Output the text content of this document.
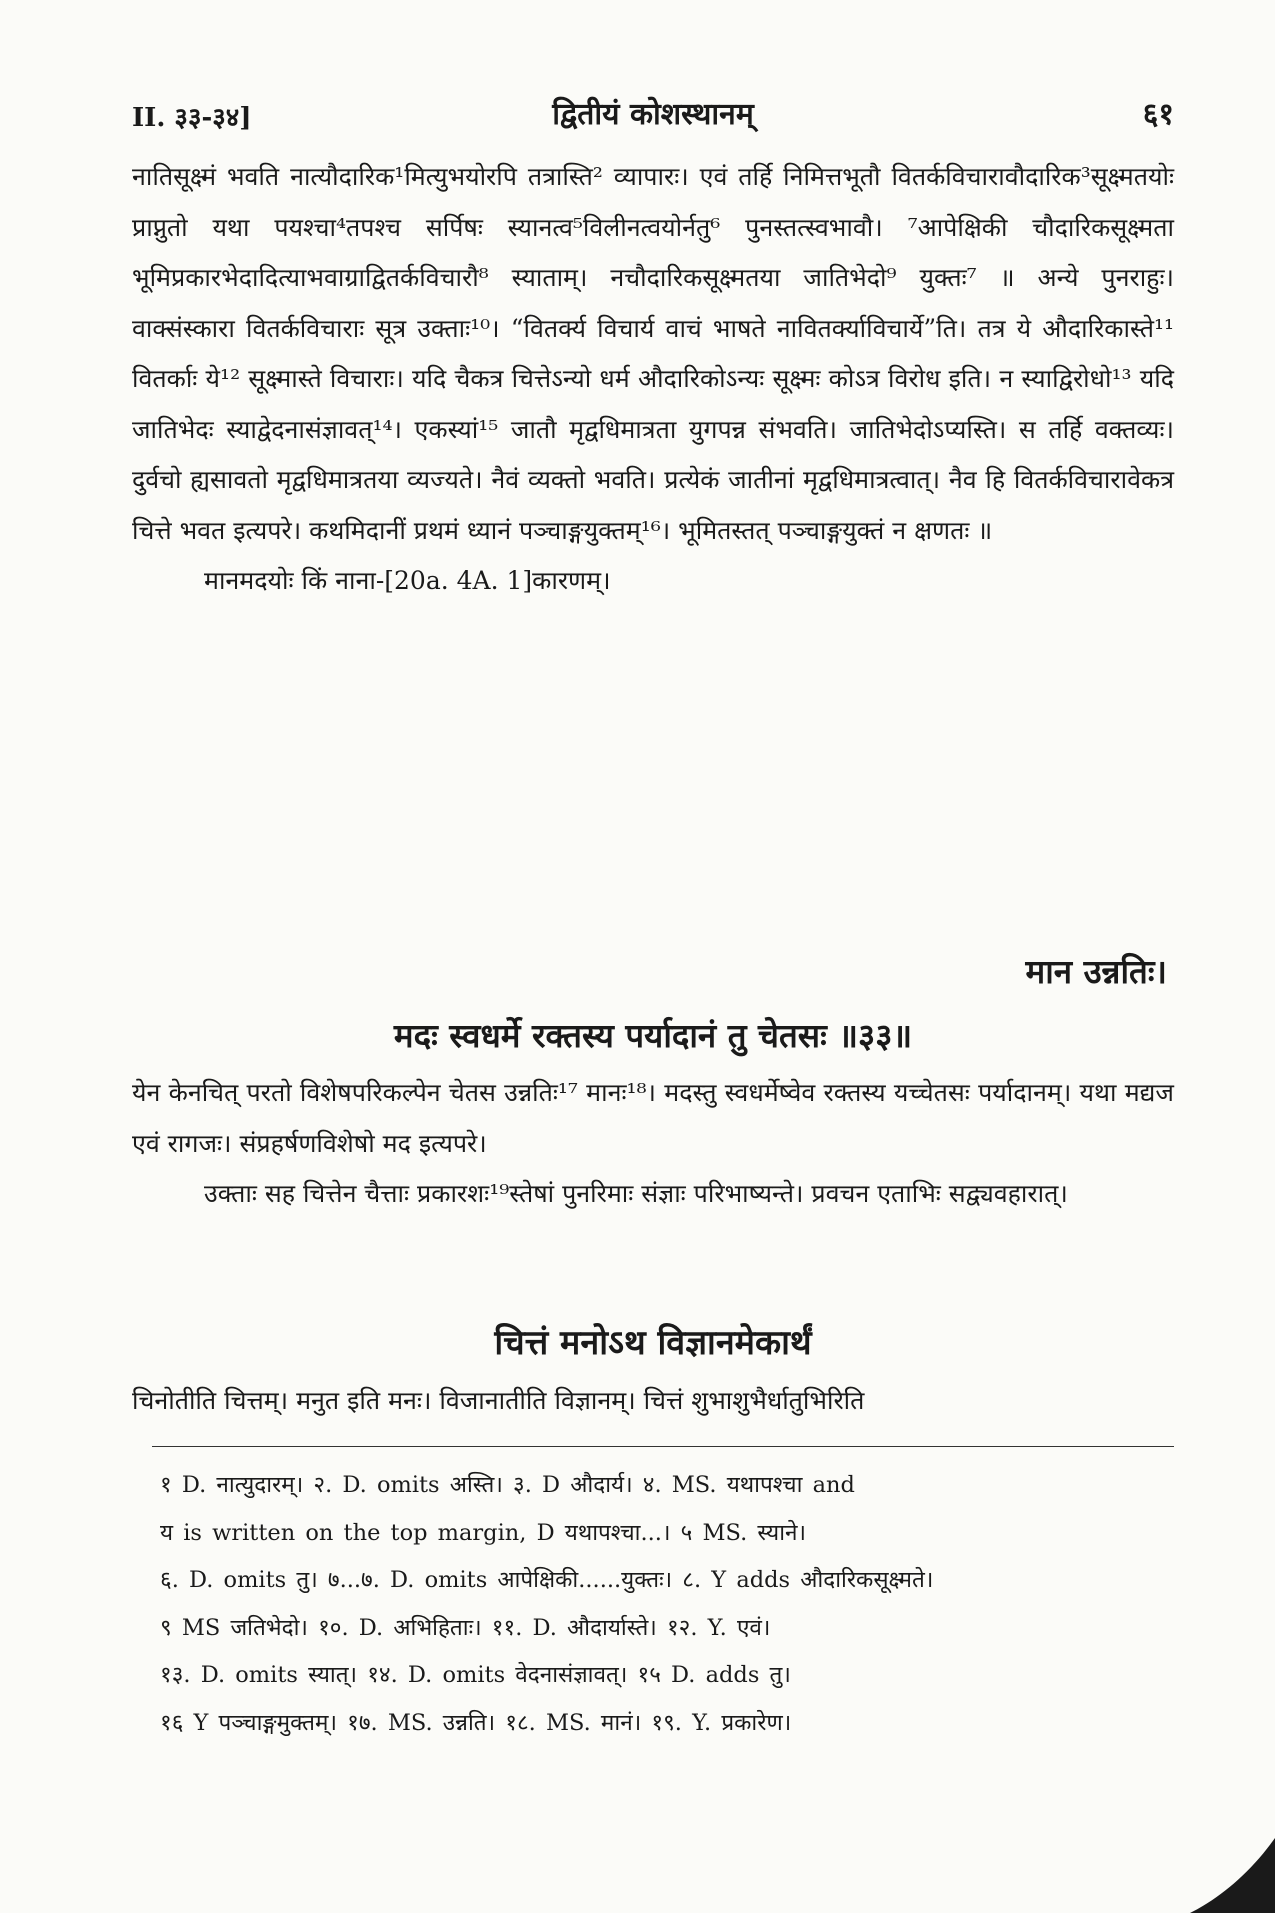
II. ३३-३४]	द्वितीयं कोशस्थानम्	६१

नातिसूक्ष्मं भवति नात्यौदारिक¹मित्युभयोरपि तत्रास्ति² व्यापारः। एवं तर्हि निमित्तभूतौ वितर्कविचारावौदारिक³सूक्ष्मतयोः प्राप्नुतो यथा पयश्चा⁴तपश्च सर्पिषः स्यानत्व⁵विलीनत्वयोर्नतु⁶ पुनस्तत्स्वभावौ। ⁷आपेक्षिकी चौदारिकसूक्ष्मता भूमिप्रकारभेदादित्याभवाग्राद्वितर्कविचारौ⁸ स्याताम्। नचौदारिकसूक्ष्मतया जातिभेदो⁹ युक्तः⁷ ॥ अन्ये पुनराहुः। वाक्संस्कारा वितर्कविचाराः सूत्र उक्ताः¹⁰। “वितर्क्य विचार्य वाचं भाषते नावितर्क्याविचार्ये”ति। तत्र ये औदारिकास्ते¹¹ वितर्काः ये¹² सूक्ष्मास्ते विचाराः। यदि चैकत्र चित्तेऽन्यो धर्म औदारिकोऽन्यः सूक्ष्मः कोऽत्र विरोध इति। न स्याद्विरोधो¹³ यदि जातिभेदः स्याद्वेदनासंज्ञावत्¹⁴। एकस्यां¹⁵ जातौ मृद्वधिमात्रता युगपन्न संभवति। जातिभेदोऽप्यस्ति। स तर्हि वक्तव्यः। दुर्वचो ह्यसावतो मृद्वधिमात्रतया व्यज्यते। नैवं व्यक्तो भवति। प्रत्येकं जातीनां मृद्वधिमात्रत्वात्। नैव हि वितर्कविचारावेकत्र चित्ते भवत इत्यपरे। कथमिदानीं प्रथमं ध्यानं पञ्चाङ्गयुक्तम्¹⁶। भूमितस्तत् पञ्चाङ्गयुक्तं न क्षणतः ॥

मानमदयोः किं नाना-[20a. 4A. 1]कारणम्।

मान उन्नतिः।
मदः स्वधर्मे रक्तस्य पर्यादानं तु चेतसः ॥३३॥

येन केनचित् परतो विशेषपरिकल्पेन चेतस उन्नतिः¹⁷ मानः¹⁸। मदस्तु स्वधर्मेष्वेव रक्तस्य यच्चेतसः पर्यादानम्। यथा मद्यज एवं रागजः। संप्रहर्षणविशेषो मद इत्यपरे।

उक्ताः सह चित्तेन चैत्ताः प्रकारशः¹⁹स्तेषां पुनरिमाः संज्ञाः परिभाष्यन्ते। प्रवचन एताभिः सद्व्यवहारात्।

चित्तं मनोऽथ विज्ञानमेकार्थं

चिनोतीति चित्तम्। मनुत इति मनः। विजानातीति विज्ञानम्। चित्तं शुभाशुभैर्धातुभिरिति

१ D. नात्युदारम्। २. D. omits अस्ति। ३. D औदार्य। ४. MS. यथापश्चा and
य is written on the top margin, D यथापश्चा...। ५ MS. स्याने।
६. D. omits तु। ७...७. D. omits आपेक्षिकी......युक्तः। ८. Y adds औदारिकसूक्ष्मते।
९ MS जतिभेदो। १०. D. अभिहिताः। ११. D. औदार्यास्ते। १२. Y. एवं।
१३. D. omits स्यात्। १४. D. omits वेदनासंज्ञावत्। १५ D. adds तु।
१६ Y पञ्चाङ्गमुक्तम्। १७. MS. उन्नति। १८. MS. मानं। १९. Y. प्रकारेण।
